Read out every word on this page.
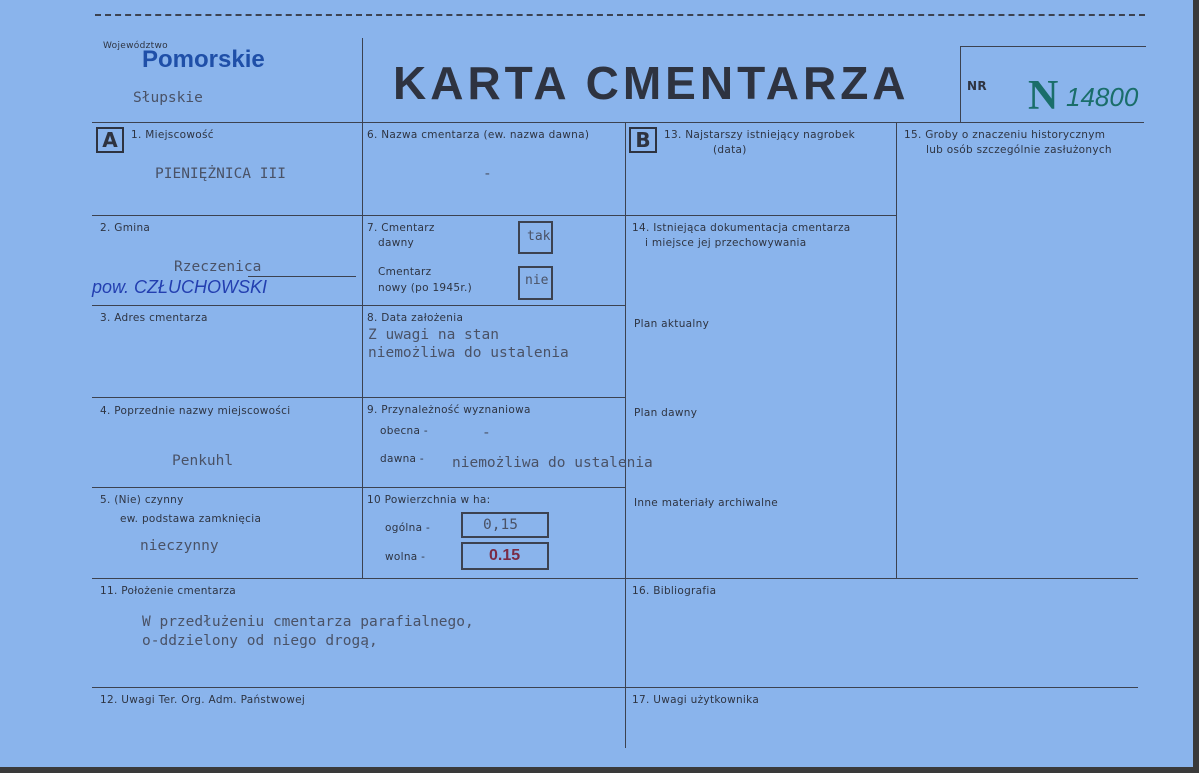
Województwo
Pomorskie
Słupskie	KARTA CMENTARZA	NR N 14800
A	1. Miejscowość
PIENIĘŻNICA III
2. Gmina
Rzeczenica
pow. CZŁUCHOWSKI
3. Adres cmentarza
4. Poprzednie nazwy miejscowości
Penkuhl
5. (Nie) czynny
ew. podstawa zamknięcia
nieczynny
6. Nazwa cmentarza (ew. nazwa dawna)
-
7. Cmentarz
dawny	tak
Cmentarz
nowy (po 1945r.)	nie
8. Data założenia
Z uwagi na stan
niemożliwa do ustalenia
9. Przynależność wyznaniowa
obecna -	-
dawna - niemożliwa do ustalenia
10 Powierzchnia w ha:
ogólna -	0,15
wolna -	0.15
11. Położenie cmentarza
W przedłużeniu cmentarza parafialnego,
o-ddzielony od niego drogą,
12. Uwagi Ter. Org. Adm. Państwowej
B	13. Najstarszy istniejący nagrobek
(data)
14. Istniejąca dokumentacja cmentarza
i miejsce jej przechowywania
Plan aktualny
Plan dawny
Inne materiały archiwalne
15. Groby o znaczeniu historycznym
lub osób szczególnie zasłużonych
16. Bibliografia
17. Uwagi użytkownika
